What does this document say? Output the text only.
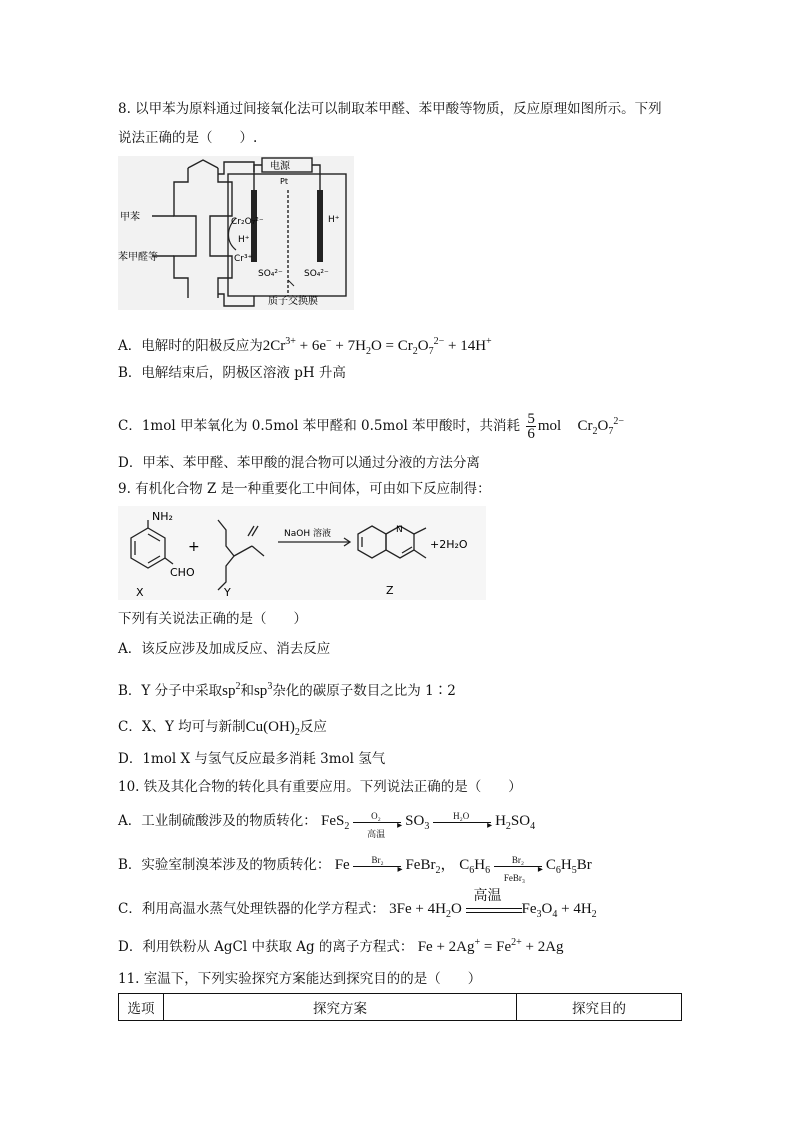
8. 以甲苯为原料通过间接氧化法可以制取苯甲醛、苯甲酸等物质，反应原理如图所示。下列
说法正确的是（　　）.
电源
Pt
甲苯
苯甲醛等
Cr₂O₇²⁻
H⁺
Cr³⁺
SO₄²⁻
H⁺
SO₄²⁻
质子交换膜
A．电解时的阳极反应为$2Cr^{3+} + 6e^- + 7H_2O = Cr_2O_7^{2-} + 14H^+$
B．电解结束后，阴极区溶液 pH 升高
C．1mol 甲苯氧化为 0.5mol 苯甲醛和 0.5mol 苯甲酸时，共消耗 $\frac{5}{6}$ mol $Cr_2O_7^{2-}$
D．甲苯、苯甲醛、苯甲酸的混合物可以通过分液的方法分离
9. 有机化合物 Z 是一种重要化工中间体，可由如下反应制得：
NH₂
CHO
X
+
Y
NaOH 溶液	N
+2H₂O
Z
下列有关说法正确的是（　　）
A．该反应涉及加成反应、消去反应
B．Y 分子中采取$sp^2$和$sp^3$杂化的碳原子数目之比为 1∶2
C．X、Y 均可与新制$Cu(OH)_2$反应
D．1mol X 与氢气反应最多消耗 3mol 氢气
10. 铁及其化合物的转化具有重要应用。下列说法正确的是（　　）
A．工业制硫酸涉及的物质转化： FeS$_2$
O₂
▸
高温
$SO_3$
H₂O
▸ $H_2SO_4$
B．实验室制溴苯涉及的物质转化： Fe Br₂
▸ FeBr$_2$， $C_6H_6$
Br₂
▸
FeBr₃
$C_6H_5Br$
C．利用高温水蒸气处理铁器的化学方程式： $3Fe + 4H_2O$
高温
$Fe_3O_4 + 4H_2$
D．利用铁粉从 AgCl 中获取 Ag 的离子方程式： $Fe + 2Ag^+ = Fe^{2+} + 2Ag$
11. 室温下，下列实验探究方案能达到探究目的的是（　　）
选项	探究方案	探究目的
